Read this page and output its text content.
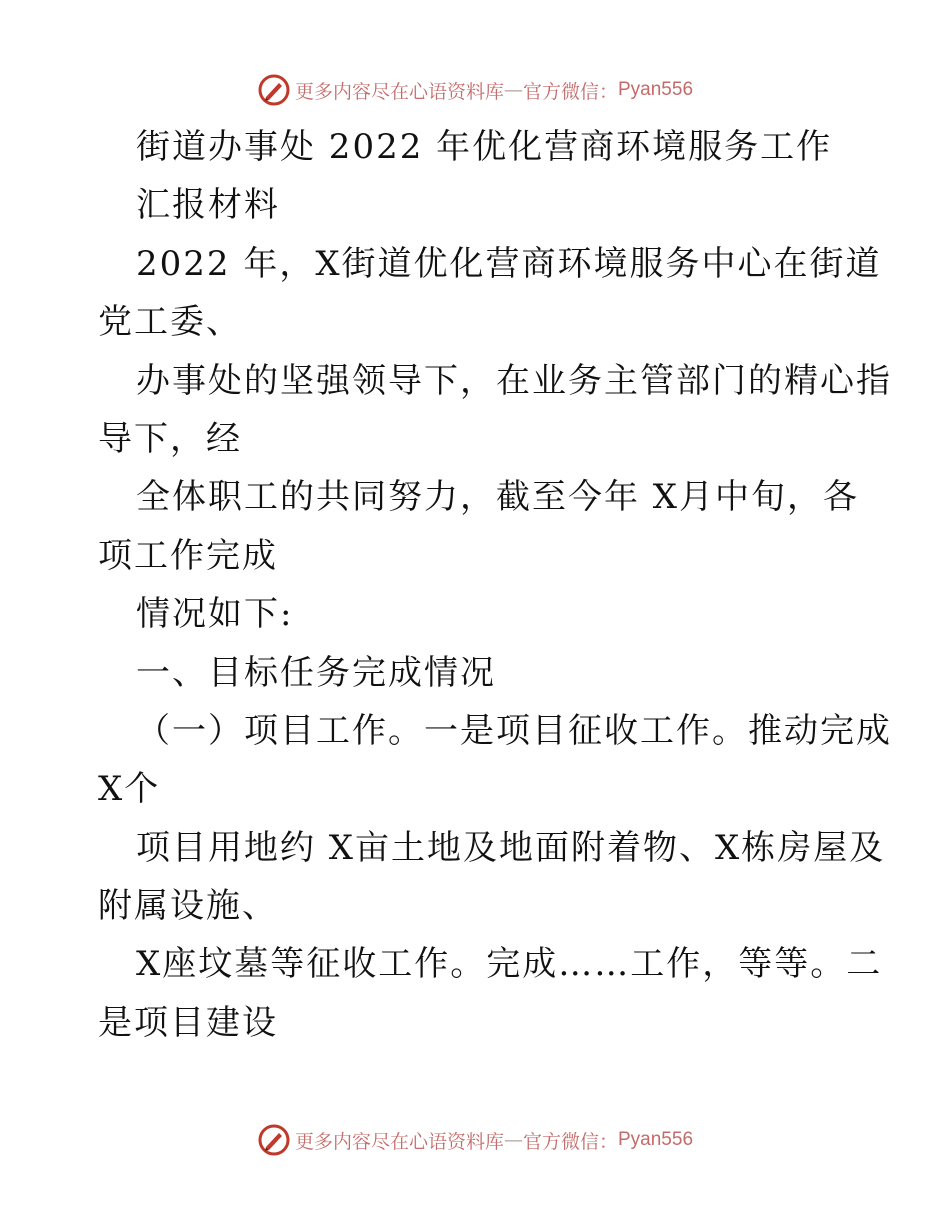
更多内容尽在心语资料库 — 官方微信： Pyan556
街道办事处 2022 年优化营商环境服务工作
汇报材料
2022 年，X街道优化营商环境服务中心在街道
党工委、
办事处的坚强领导下，在业务主管部门的精心指
导下，经
全体职工的共同努力，截至今年 X月中旬，各
项工作完成
情况如下:
一、目标任务完成情况
（一）项目工作。一是项目征收工作。推动完成
X个
项目用地约 X亩土地及地面附着物、X栋房屋及
附属设施、
X座坟墓等征收工作。完成……工作，等等。二
是项目建设
更多内容尽在心语资料库 — 官方微信： Pyan556
